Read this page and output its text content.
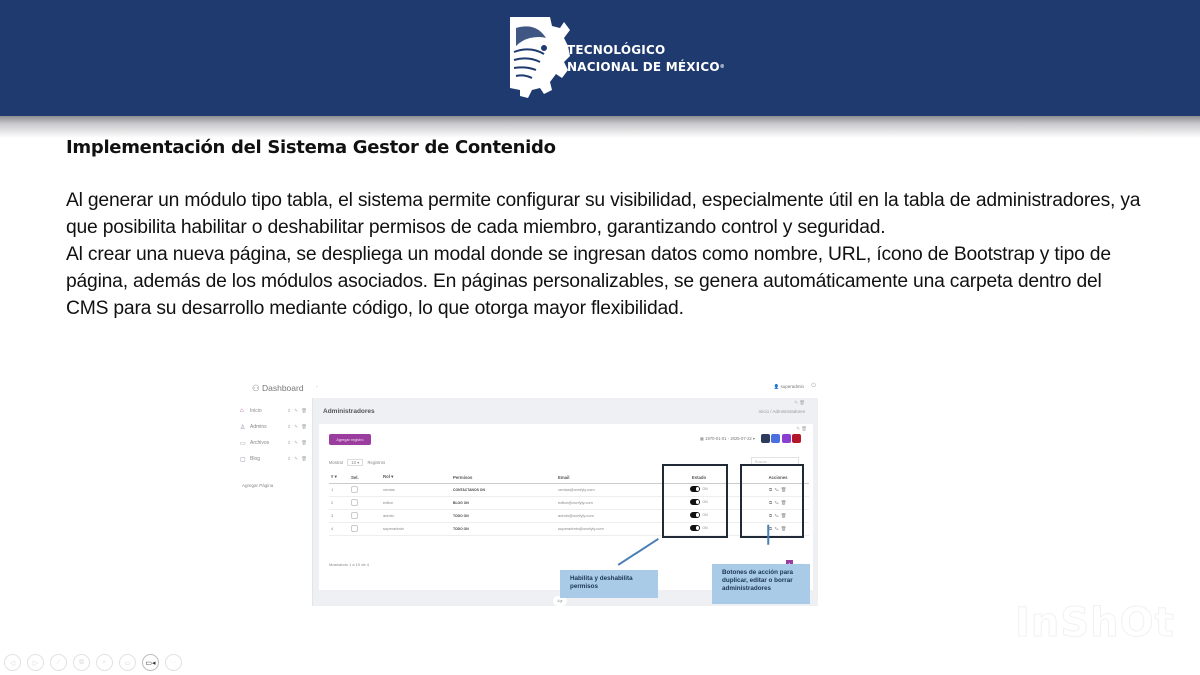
TECNOLÓGICO
NACIONAL DE MÉXICO®
Implementación del Sistema Gestor de Contenido

Al generar un módulo tipo tabla, el sistema permite configurar su visibilidad, especialmente útil en la tabla de administradores, ya que posibilita habilitar o deshabilitar permisos de cada miembro, garantizando control y seguridad.

Al crear una nueva página, se despliega un modal donde se ingresan datos como nombre, URL, ícono de Bootstrap y tipo de página, además de los módulos asociados. En páginas personalizables, se genera automáticamente una carpeta dentro del CMS para su desarrollo mediante código, lo que otorga mayor flexibilidad.

⚇ Dashboard
⌂	Inicio	⇕ ✎ 🗑
♙ Admins	⇕ ✎ 🗑
▭ Archivos	⇕ ✎ 🗑
▢ Blog	⇕ ✎ 🗑
Agregar Página
‹	👤 superadmin ⏻
✎ 🗑
Administradores	Inicio / Administradores
✎ 🗑
Agregar registro	▦ 1970-01-01 - 2025-07-22 ▾
Mostrar 10 ▾ Registros	Buscar...
# ▾	Sel.	Rol ▾	Permisos	Email	Estado		Acciones
1		ventas	CONTACTANOS ON	ventas@ovnfyly.com	ON		⧉ ✎ 🗑
2		editor	BLOG ON	editor@ovnfyly.com	ON		⧉ ✎ 🗑
3		admin	TODO ON	admin@ovnfyly.com	ON		⧉ ✎ 🗑
4		superadmin	TODO ON	superadmin@ovnfyly.com	ON		⧉ ✎ 🗑
Mostrando 1 a 10 de 4
Agr
Habilita y deshabilita permisos
Botones de acción para duplicar, editar o borrar administradores
◁	▷	∕	⧉	⌕	▭	▭◂	···
InShOt
